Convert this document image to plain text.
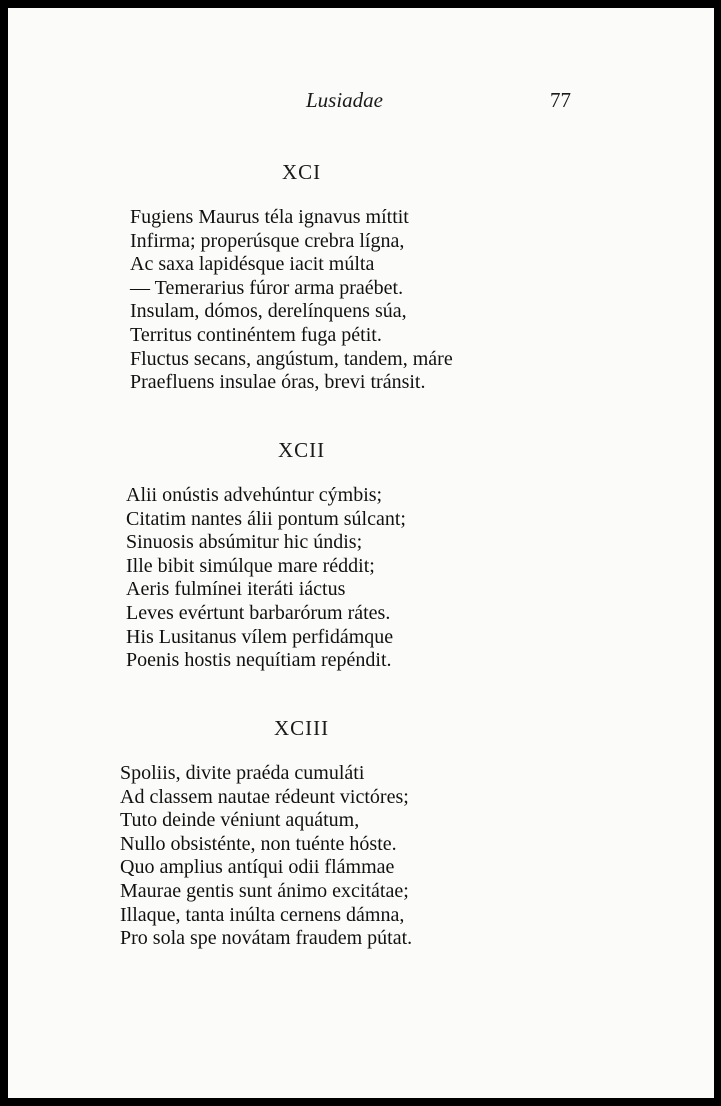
Lusiadae	77
XCI
Fugiens Maurus téla ignavus míttit
Infirma; properúsque crebra lígna,
Ac saxa lapidésque iacit múlta
— Temerarius fúror arma praébet.
Insulam, dómos, derelínquens súa,
Territus continéntem fuga pétit.
Fluctus secans, angústum, tandem, máre
Praefluens insulae óras, brevi tránsit.
XCII
Alii onústis advehúntur cýmbis;
Citatim nantes álii pontum súlcant;
Sinuosis absúmitur hic úndis;
Ille bibit simúlque mare réddit;
Aeris fulmínei iteráti iáctus
Leves evértunt barbarórum rátes.
His Lusitanus vílem perfidámque
Poenis hostis nequítiam repéndit.
XCIII
Spoliis, divite praéda cumuláti
Ad classem nautae rédeunt victóres;
Tuto deinde véniunt aquátum,
Nullo obsisténte, non tuénte hóste.
Quo amplius antíqui odii flámmae
Maurae gentis sunt ánimo excitátae;
Illaque, tanta inúlta cernens dámna,
Pro sola spe novátam fraudem pútat.
